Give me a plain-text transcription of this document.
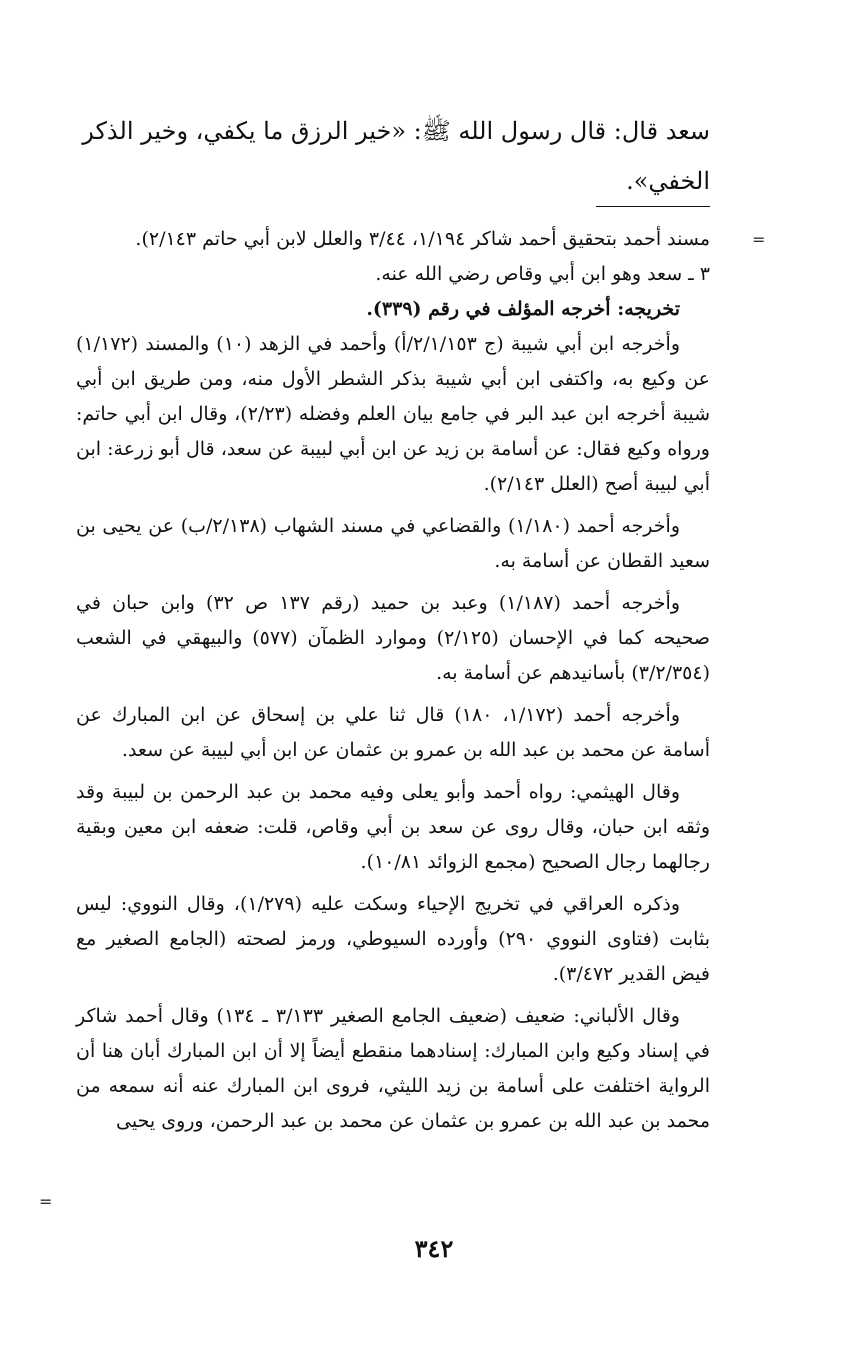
سعد قال: قال رسول الله ﷺ: «خير الرزق ما يكفي، وخير الذكر

الخفي».

=

مسند أحمد بتحقيق أحمد شاكر ١/١٩٤، ٣/٤٤ والعلل لابن أبي حاتم ٢/١٤٣).

٣ ـ سعد وهو ابن أبي وقاص رضي الله عنه.

تخريجه: أخرجه المؤلف في رقم (٣٣٩).

وأخرجه ابن أبي شيبة (ج ٢/١/١٥٣/أ) وأحمد في الزهد (١٠) والمسند (١/١٧٢) عن وكيع به، واكتفى ابن أبي شيبة بذكر الشطر الأول منه، ومن طريق ابن أبي شيبة أخرجه ابن عبد البر في جامع بيان العلم وفضله (٢/٢٣)، وقال ابن أبي حاتم: ورواه وكيع فقال: عن أسامة بن زيد عن ابن أبي لبيبة عن سعد، قال أبو زرعة: ابن أبي لبيبة أصح (العلل ٢/١٤٣).

وأخرجه أحمد (١/١٨٠) والقضاعي في مسند الشهاب (٢/١٣٨/ب) عن يحيى بن سعيد القطان عن أسامة به.

وأخرجه أحمد (١/١٨٧) وعبد بن حميد (رقم ١٣٧ ص ٣٢) وابن حبان في صحيحه كما في الإحسان (٢/١٢٥) وموارد الظمآن (٥٧٧) والبيهقي في الشعب (٣/٢/٣٥٤) بأسانيدهم عن أسامة به.

وأخرجه أحمد (١/١٧٢، ١٨٠) قال ثنا علي بن إسحاق عن ابن المبارك عن أسامة عن محمد بن عبد الله بن عمرو بن عثمان عن ابن أبي لبيبة عن سعد.

وقال الهيثمي: رواه أحمد وأبو يعلى وفيه محمد بن عبد الرحمن بن لبيبة وقد وثقه ابن حبان، وقال روى عن سعد بن أبي وقاص، قلت: ضعفه ابن معين وبقية رجالهما رجال الصحيح (مجمع الزوائد ١٠/٨١).

وذكره العراقي في تخريج الإحياء وسكت عليه (١/٢٧٩)، وقال النووي: ليس بثابت (فتاوى النووي ٢٩٠) وأورده السيوطي، ورمز لصحته (الجامع الصغير مع فيض القدير ٣/٤٧٢).

وقال الألباني: ضعيف (ضعيف الجامع الصغير ٣/١٣٣ ـ ١٣٤) وقال أحمد شاكر في إسناد وكيع وابن المبارك: إسنادهما منقطع أيضاً إلا أن ابن المبارك أبان هنا أن الرواية اختلفت على أسامة بن زيد الليثي، فروى ابن المبارك عنه أنه سمعه من محمد بن عبد الله بن عمرو بن عثمان عن محمد بن عبد الرحمن، وروى يحيى

=
٣٤٢
